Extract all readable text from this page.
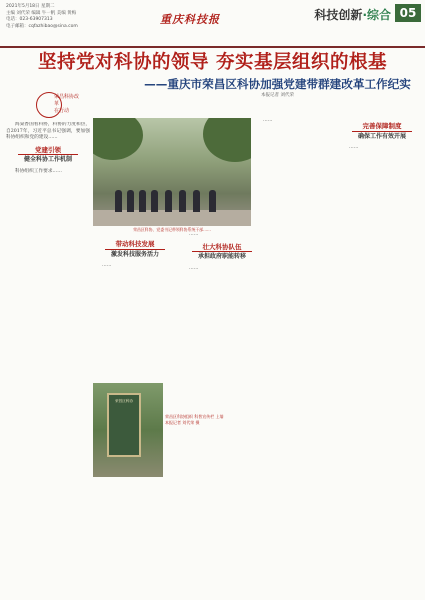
2021年5月18日 星期二
主编 刘代荣 编辑 牛一帆 美编 黄梅
电话：023-63907313
电子邮箱：cqfazhibao@sina.com
重庆科技报	科技创新·综合 05
坚持党对科协的领导 夯实基层组织的根基
——重庆市荣昌区科协加强党建带群建改革工作纪实
本报记者 刘代荣
荣昌科协改革
在行动

海棠香国看科协，科协的力度和热，自2017年，习近平总书记强调，要加强科协组织和党的建设……

党建引领
健全科协工作机制

科协组织工作要求……

荣昌区科协、党委书记带领科协系统干部……
带动科技发展
激发科技服务活力

……

荣昌区科协
荣昌区科协组织 科普宣传栏 上墙 本报记者 刘代荣 摄

……

壮大科协队伍
承担政府职能转移

……

……

完善保障制度
确保工作有效开展

……
